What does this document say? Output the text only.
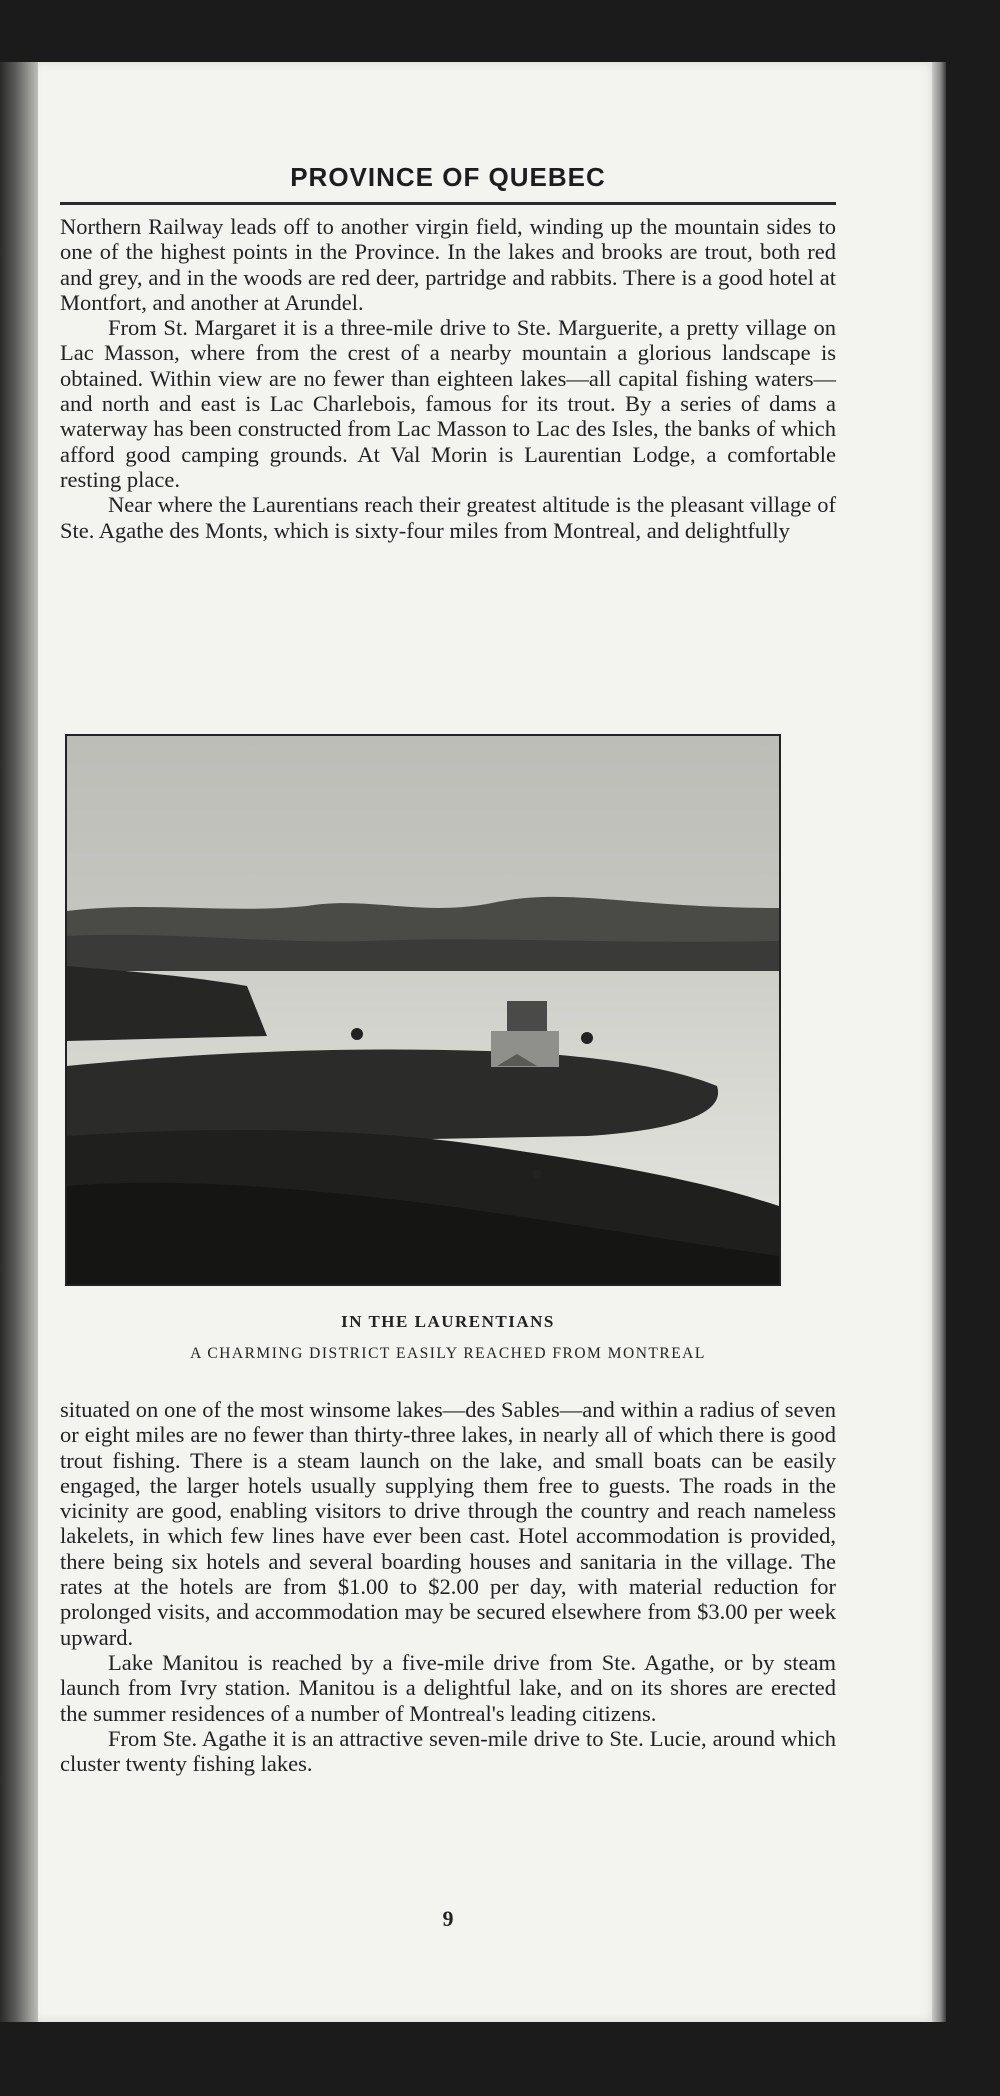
PROVINCE OF QUEBEC

Northern Railway leads off to another virgin field, winding up the mountain sides to one of the highest points in the Province. In the lakes and brooks are trout, both red and grey, and in the woods are red deer, partridge and rabbits. There is a good hotel at Montfort, and another at Arundel.

From St. Margaret it is a three-mile drive to Ste. Marguerite, a pretty village on Lac Masson, where from the crest of a nearby mountain a glorious landscape is obtained. Within view are no fewer than eighteen lakes—all capital fishing waters—and north and east is Lac Charlebois, famous for its trout. By a series of dams a waterway has been constructed from Lac Masson to Lac des Isles, the banks of which afford good camping grounds. At Val Morin is Laurentian Lodge, a comfortable resting place.

Near where the Laurentians reach their greatest altitude is the pleasant village of Ste. Agathe des Monts, which is sixty-four miles from Montreal, and delightfully

IN THE LAURENTIANS
A CHARMING DISTRICT EASILY REACHED FROM MONTREAL

situated on one of the most winsome lakes—des Sables—and within a radius of seven or eight miles are no fewer than thirty-three lakes, in nearly all of which there is good trout fishing. There is a steam launch on the lake, and small boats can be easily engaged, the larger hotels usually supplying them free to guests. The roads in the vicinity are good, enabling visitors to drive through the country and reach nameless lakelets, in which few lines have ever been cast. Hotel accommodation is provided, there being six hotels and several boarding houses and sanitaria in the village. The rates at the hotels are from $1.00 to $2.00 per day, with material reduction for prolonged visits, and accommodation may be secured elsewhere from $3.00 per week upward.

Lake Manitou is reached by a five-mile drive from Ste. Agathe, or by steam launch from Ivry station. Manitou is a delightful lake, and on its shores are erected the summer residences of a number of Montreal's leading citizens.

From Ste. Agathe it is an attractive seven-mile drive to Ste. Lucie, around which cluster twenty fishing lakes.

9
